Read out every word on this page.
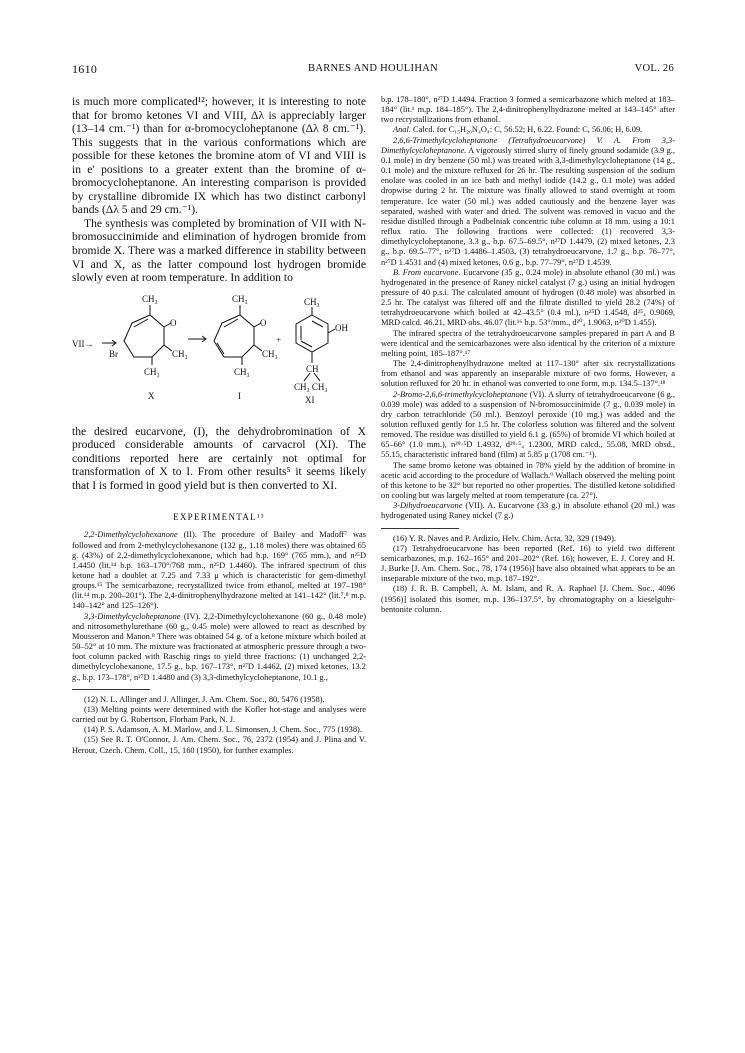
1610	BARNES AND HOULIHAN	VOL. 26

is much more complicated¹²; however, it is interesting to note that for bromo ketones VI and VIII, Δλ is appreciably larger (13–14 cm.⁻¹) than for α-bromocycloheptanone (Δλ 8 cm.⁻¹). This suggests that in the various conformations which are possible for these ketones the bromine atom of VI and VIII is in e′ positions to a greater extent than the bromine of α-bromocycloheptanone. An interesting comparison is provided by crystalline dibromide IX which has two distinct carbonyl bands (Δλ 5 and 29 cm.⁻¹).

The synthesis was completed by bromination of VII with N-bromosuccinimide and elimination of hydrogen bromide from bromide X. There was a marked difference in stability between VI and X, as the latter compound lost hydrogen bromide slowly even at room temperature. In addition to

VII→
Br
CH₃
O
CH₃
CH₃
X
CH₃
O
CH₃
CH₃
I
+
CH₃
OH
CH
CH₃ CH₃
XI

the desired eucarvone, (I), the dehydrobromination of X produced considerable amounts of carvacrol (XI). The conditions reported here are certainly not optimal for transformation of X to I. From other results⁵ it seems likely that I is formed in good yield but is then converted to XI.

EXPERIMENTAL¹³

2,2-Dimethylcyclohexanone (II). The procedure of Bailey and Madoff⁷ was followed and from 2-methylcyclohexanone (132 g., 1.18 moles) there was obtained 65 g. (43%) of 2,2-dimethylcyclohexanone, which had b.p. 169° (765 mm.), and n²⁵D 1.4450 (lit.¹⁴ b.p. 163–170°/768 mm., n²⁵D 1.4460). The infrared spectrum of this ketone had a doublet at 7.25 and 7.33 μ which is characteristic for gem-dimethyl groups.¹⁵ The semicarbazone, recrystallized twice from ethanol, melted at 197–198° (lit.¹⁴ m.p. 200–201°). The 2,4-dinitrophenylhydrazone melted at 141–142° (lit.⁷,⁸ m.p. 140–142° and 125–126°).

3,3-Dimethylcycloheptanone (IV). 2,2-Dimethylcyclohexanone (60 g., 0.48 mole) and nitrosomethylurethane (60 g., 0.45 mole) were allowed to react as described by Mousseron and Manon.⁸ There was obtained 54 g. of a ketone mixture which boiled at 50–52° at 10 mm. The mixture was fractionated at atmospheric pressure through a two-foot column packed with Raschig rings to yield three fractions: (1) unchanged 2,2-dimethylcyclohexanone, 17.5 g., b.p. 167–173°, n²⁷D 1.4462, (2) mixed ketones, 13.2 g., b.p. 173–178°, n²⁷D 1.4480 and (3) 3,3-dimethylcycloheptanone, 10.1 g.,

(12) N. L. Allinger and J. Allinger, J. Am. Chem. Soc., 80, 5476 (1958).

(13) Melting points were determined with the Kofler hot-stage and analyses were carried out by G. Robertson, Florham Park, N. J.

(14) P. S. Adamson, A. M. Marlow, and J. L. Simonsen, J. Chem. Soc., 775 (1938).

(15) See R. T. O'Connor, J. Am. Chem. Soc., 76, 2372 (1954) and J. Plina and V. Herout, Czech. Chem. Coll., 15, 160 (1950), for further examples.

b.p. 178–180°, n²⁷D 1.4494. Fraction 3 formed a semicarbazone which melted at 183–184° (lit.¹ m.p. 184–185°). The 2,4-dinitrophenylhydrazone melted at 143–145° after two recrystallizations from ethanol.

Anal. Calcd. for C₁₅H₂₀N₄O₄: C, 56.52; H, 6.22. Found: C, 56.06; H, 6.09.

2,6,6-Trimethylcycloheptanone (Tetrahydroeucarvone) V. A. From 3,3-Dimethylcycloheptanone. A vigorously stirred slurry of finely ground sodamide (3.9 g., 0.1 mole) in dry benzene (50 ml.) was treated with 3,3-dimethylcycloheptanone (14 g., 0.1 mole) and the mixture refluxed for 26 hr. The resulting suspension of the sodium enolate was cooled in an ice bath and methyl iodide (14.2 g., 0.1 mole) was added dropwise during 2 hr. The mixture was finally allowed to stand overnight at room temperature. Ice water (50 ml.) was added cautiously and the benzene layer was separated, washed with water and dried. The solvent was removed in vacuo and the residue distilled through a Podbelniak concentric tube column at 18 mm. using a 10:1 reflux ratio. The following fractions were collected: (1) recovered 3,3-dimethylcycloheptanone, 3.3 g., b.p. 67.5–69.5°, n²⁷D 1.4479, (2) mixed ketones, 2.3 g., b.p. 69.5–77°, n²⁷D 1.4486–1.4503, (3) tetrahydroeucarvone, 1.7 g., b.p. 76–77°, n²⁷D 1.4531 and (4) mixed ketones, 0.6 g., b.p. 77–79°, n²⁷D 1.4539.

B. From eucarvone. Eucarvone (35 g., 0.24 mole) in absolute ethanol (30 ml.) was hydrogenated in the presence of Raney nickel catalyst (7 g.) using an initial hydrogen pressure of 40 p.s.i. The calculated amount of hydrogen (0.48 mole) was absorbed in 2.5 hr. The catalyst was filtered off and the filtrate distilled to yield 28.2 (74%) of tetrahydroeucarvone which boiled at 42–43.5° (0.4 ml.), n²⁵D 1.4548, d²⁵₄ 0.9069, MRD calcd. 46.21, MRD obs. 46.07 (lit.¹⁶ b.p. 53°/mm., d²⁰₄ 1.9063, n²⁰D 1.455).

The infrared spectra of the tetrahydroeucarvone samples prepared in part A and B were identical and the semicarbazones were also identical by the criterion of a mixture melting point, 185–187°.¹⁷

The 2,4-dinitrophenylhydrazone melted at 117–130° after six recrystallizations from ethanol and was apparently an inseparable mixture of two forms. However, a solution refluxed for 20 hr. in ethanol was converted to one form, m.p. 134.5–137°.¹⁸

2-Bromo-2,6,6-trimethylcycloheptanone (VI). A slurry of tetrahydroeucarvone (6 g., 0.039 mole) was added to a suspension of N-bromosuccinimide (7 g., 0.039 mole) in dry carbon tetrachloride (50 ml.). Benzoyl peroxide (10 mg.) was added and the solution refluxed gently for 1.5 hr. The colorless solution was filtered and the solvent removed. The residue was distilled to yield 6.1 g. (65%) of bromide VI which boiled at 65–66° (1.0 mm.), n²⁹·⁵D 1.4932, d²⁹·⁵₄ 1.2300, MRD calcd., 55.08, MRD obsd., 55.15, characteristic infrared band (film) at 5.85 μ (1708 cm.⁻¹).

The same bromo ketone was obtained in 78% yield by the addition of bromine in acetic acid according to the procedure of Wallach.⁹ Wallach observed the melting point of this ketone to be 32° but reported no other properties. The distilled ketone solidified on cooling but was largely melted at room temperature (ca. 27°).

3-Dihydroeucarvone (VII). A. Eucarvone (33 g.) in absolute ethanol (20 ml.) was hydrogenated using Raney nickel (7 g.)

(16) Y. R. Naves and P. Ardizio, Helv. Chim. Acta, 32, 329 (1949).

(17) Tetrahydroeucarvone has been reported (Ref. 16) to yield two different semicarbazones, m.p. 162–165° and 201–202° (Ref. 16); however, E. J. Corey and H. J. Burke [J. Am. Chem. Soc., 78, 174 (1956)] have also obtained what appears to be an inseparable mixture of the two, m.p. 187–192°.

(18) J. R. B. Campbell, A. M. Islam, and R. A. Raphael [J. Chem. Soc., 4096 (1956)] isolated this isomer, m.p. 136–137.5°, by chromatography on a kieselguhr-bentonite column.
